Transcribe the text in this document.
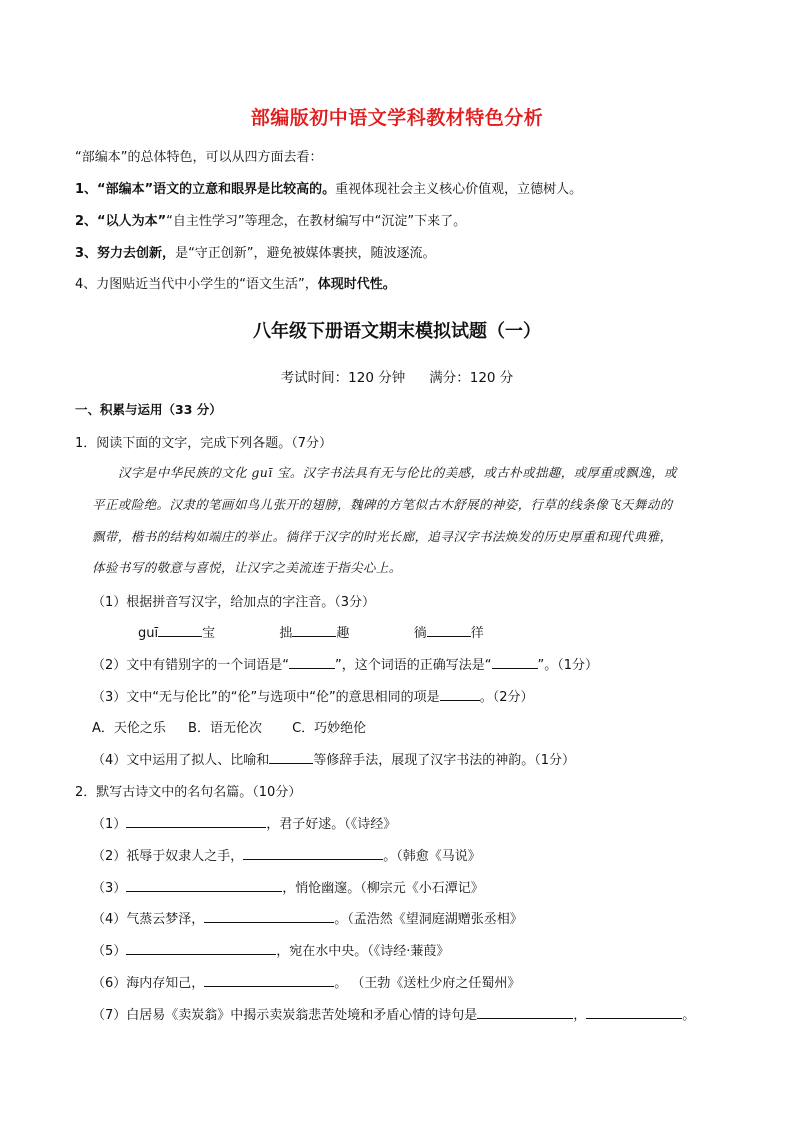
部编版初中语文学科教材特色分析
“部编本”的总体特色，可以从四方面去看：
1、“部编本”语文的立意和眼界是比较高的。重视体现社会主义核心价值观，立德树人。
2、“以人为本”“自主性学习”等理念，在教材编写中“沉淀”下来了。
3、努力去创新，是“守正创新”，避免被媒体裹挟，随波逐流。
4、力图贴近当代中小学生的“语文生活”，体现时代性。
八年级下册语文期末模拟试题（一）
考试时间：120 分钟 满分：120 分
一、积累与运用（33 分）
1．阅读下面的文字，完成下列各题。（7分）
汉字是中华民族的文化 guī 宝。汉字书法具有无与伦比的美感，或古朴或拙趣，或厚重或飘逸，或
平正或险绝。汉隶的笔画如鸟儿张开的翅膀，魏碑的方笔似古木舒展的神姿，行草的线条像飞天舞动的
飘带，楷书的结构如端庄的举止。徜徉于汉字的时光长廊，追寻汉字书法焕发的历史厚重和现代典雅，
体验书写的敬意与喜悦，让汉字之美流连于指尖心上。
（1）根据拼音写汉字，给加点的字注音。（3分）
guī	宝	拙	趣	徜	徉
（2）文中有错别字的一个词语是“	”，这个词语的正确写法是“	”。（1分）
（3）文中“无与伦比”的“伦”与选项中“伦”的意思相同的项是	。（2分）
A．天伦之乐 B．语无伦次 C．巧妙绝伦
（4）文中运用了拟人、比喻和	等修辞手法，展现了汉字书法的神韵。（1分）
2．默写古诗文中的名句名篇。（10分）
（1）	，君子好逑。（《诗经》
（2）祇辱于奴隶人之手，	。（韩愈《马说》
（3）	，悄怆幽邃。（柳宗元《小石潭记》
（4）气蒸云梦泽，	。（孟浩然《望洞庭湖赠张丞相》
（5）	，宛在水中央。（《诗经·蒹葭》
（6）海内存知己，	。 （王勃《送杜少府之任蜀州》
（7）白居易《卖炭翁》中揭示卖炭翁悲苦处境和矛盾心情的诗句是	，	。
